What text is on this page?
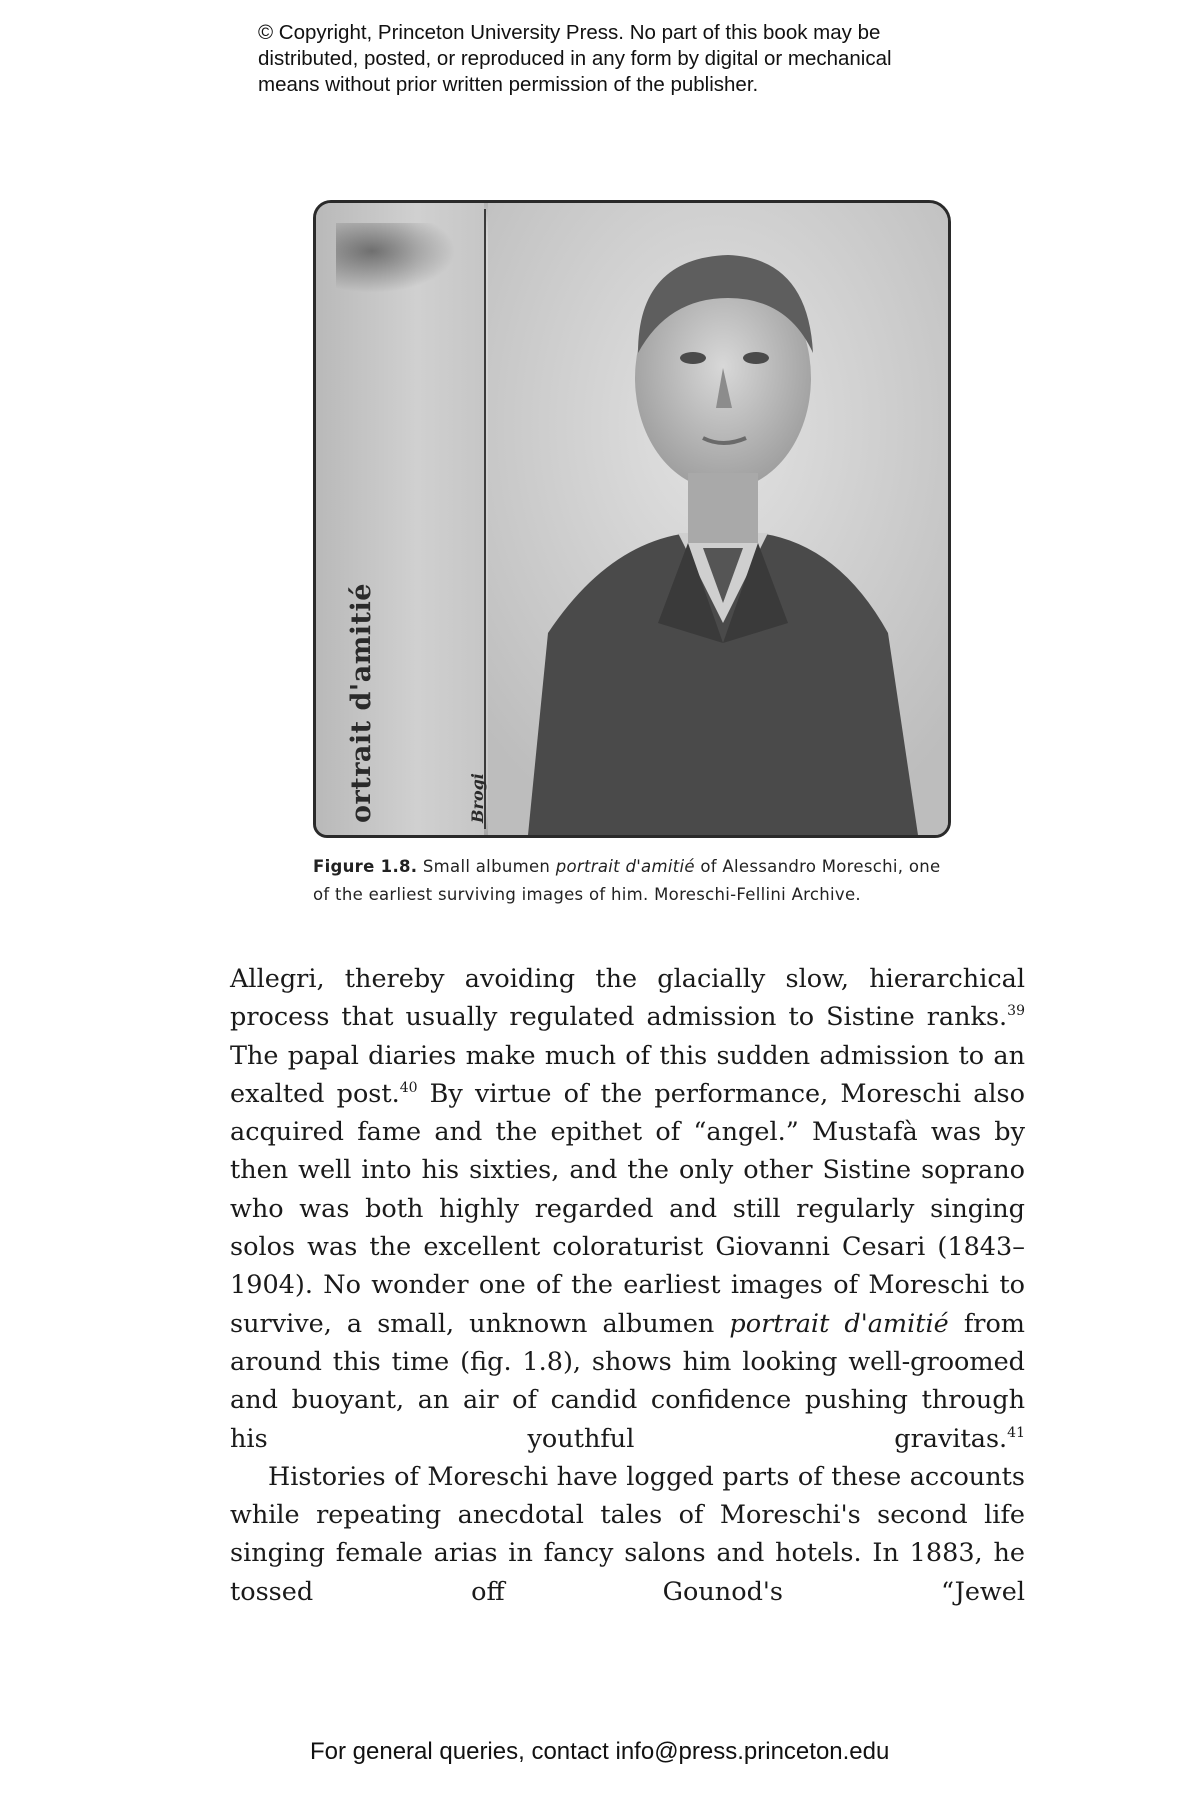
© Copyright, Princeton University Press. No part of this book may be
distributed, posted, or reproduced in any form by digital or mechanical
means without prior written permission of the publisher.
ortrait d'amitié	Brogi
Figure 1.8. Small albumen portrait d'amitié of Alessandro Moreschi, one of the earliest surviving images of him. Moreschi-Fellini Archive.

Allegri, thereby avoiding the glacially slow, hierarchical process that usually regulated admission to Sistine ranks.$^{39}$ The papal diaries make much of this sudden admission to an exalted post.$^{40}$ By virtue of the performance, Moreschi also acquired fame and the epithet of “angel.” Mustafà was by then well into his sixties, and the only other Sistine soprano who was both highly regarded and still regularly singing solos was the excellent coloraturist Giovanni Cesari (1843–1904). No wonder one of the earliest images of Moreschi to survive, a small, unknown albumen portrait d'amitié from around this time (fig. 1.8), shows him looking well-groomed and buoyant, an air of candid confidence pushing through his youthful gravitas.$^{41}$

Histories of Moreschi have logged parts of these accounts while repeating anecdotal tales of Moreschi's second life singing female arias in fancy salons and hotels. In 1883, he tossed off Gounod's “Jewel

For general queries, contact info@press.princeton.edu
